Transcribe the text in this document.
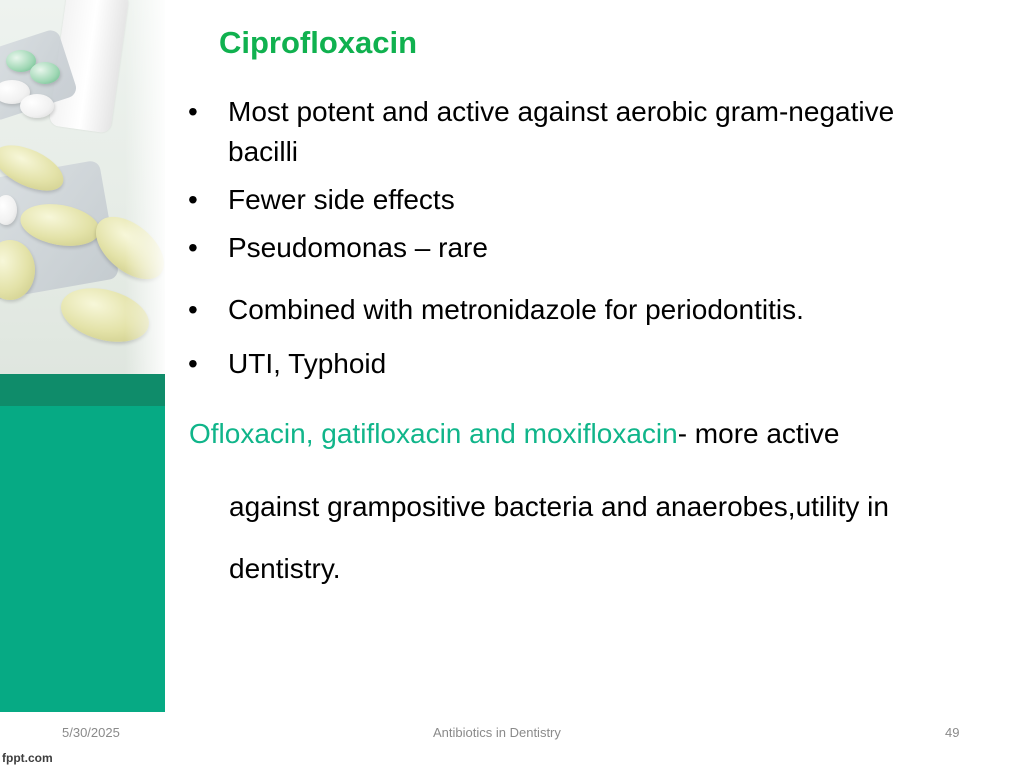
Ciprofloxacin
• Most potent and active against aerobic gram-negative
bacilli
• Fewer side effects
• Pseudomonas – rare
• Combined with metronidazole for periodontitis.
• UTI, Typhoid
Ofloxacin, gatifloxacin and moxifloxacin- more active
against grampositive bacteria and anaerobes,utility in
dentistry.
5/30/2025	Antibiotics in Dentistry	49
fppt.com
